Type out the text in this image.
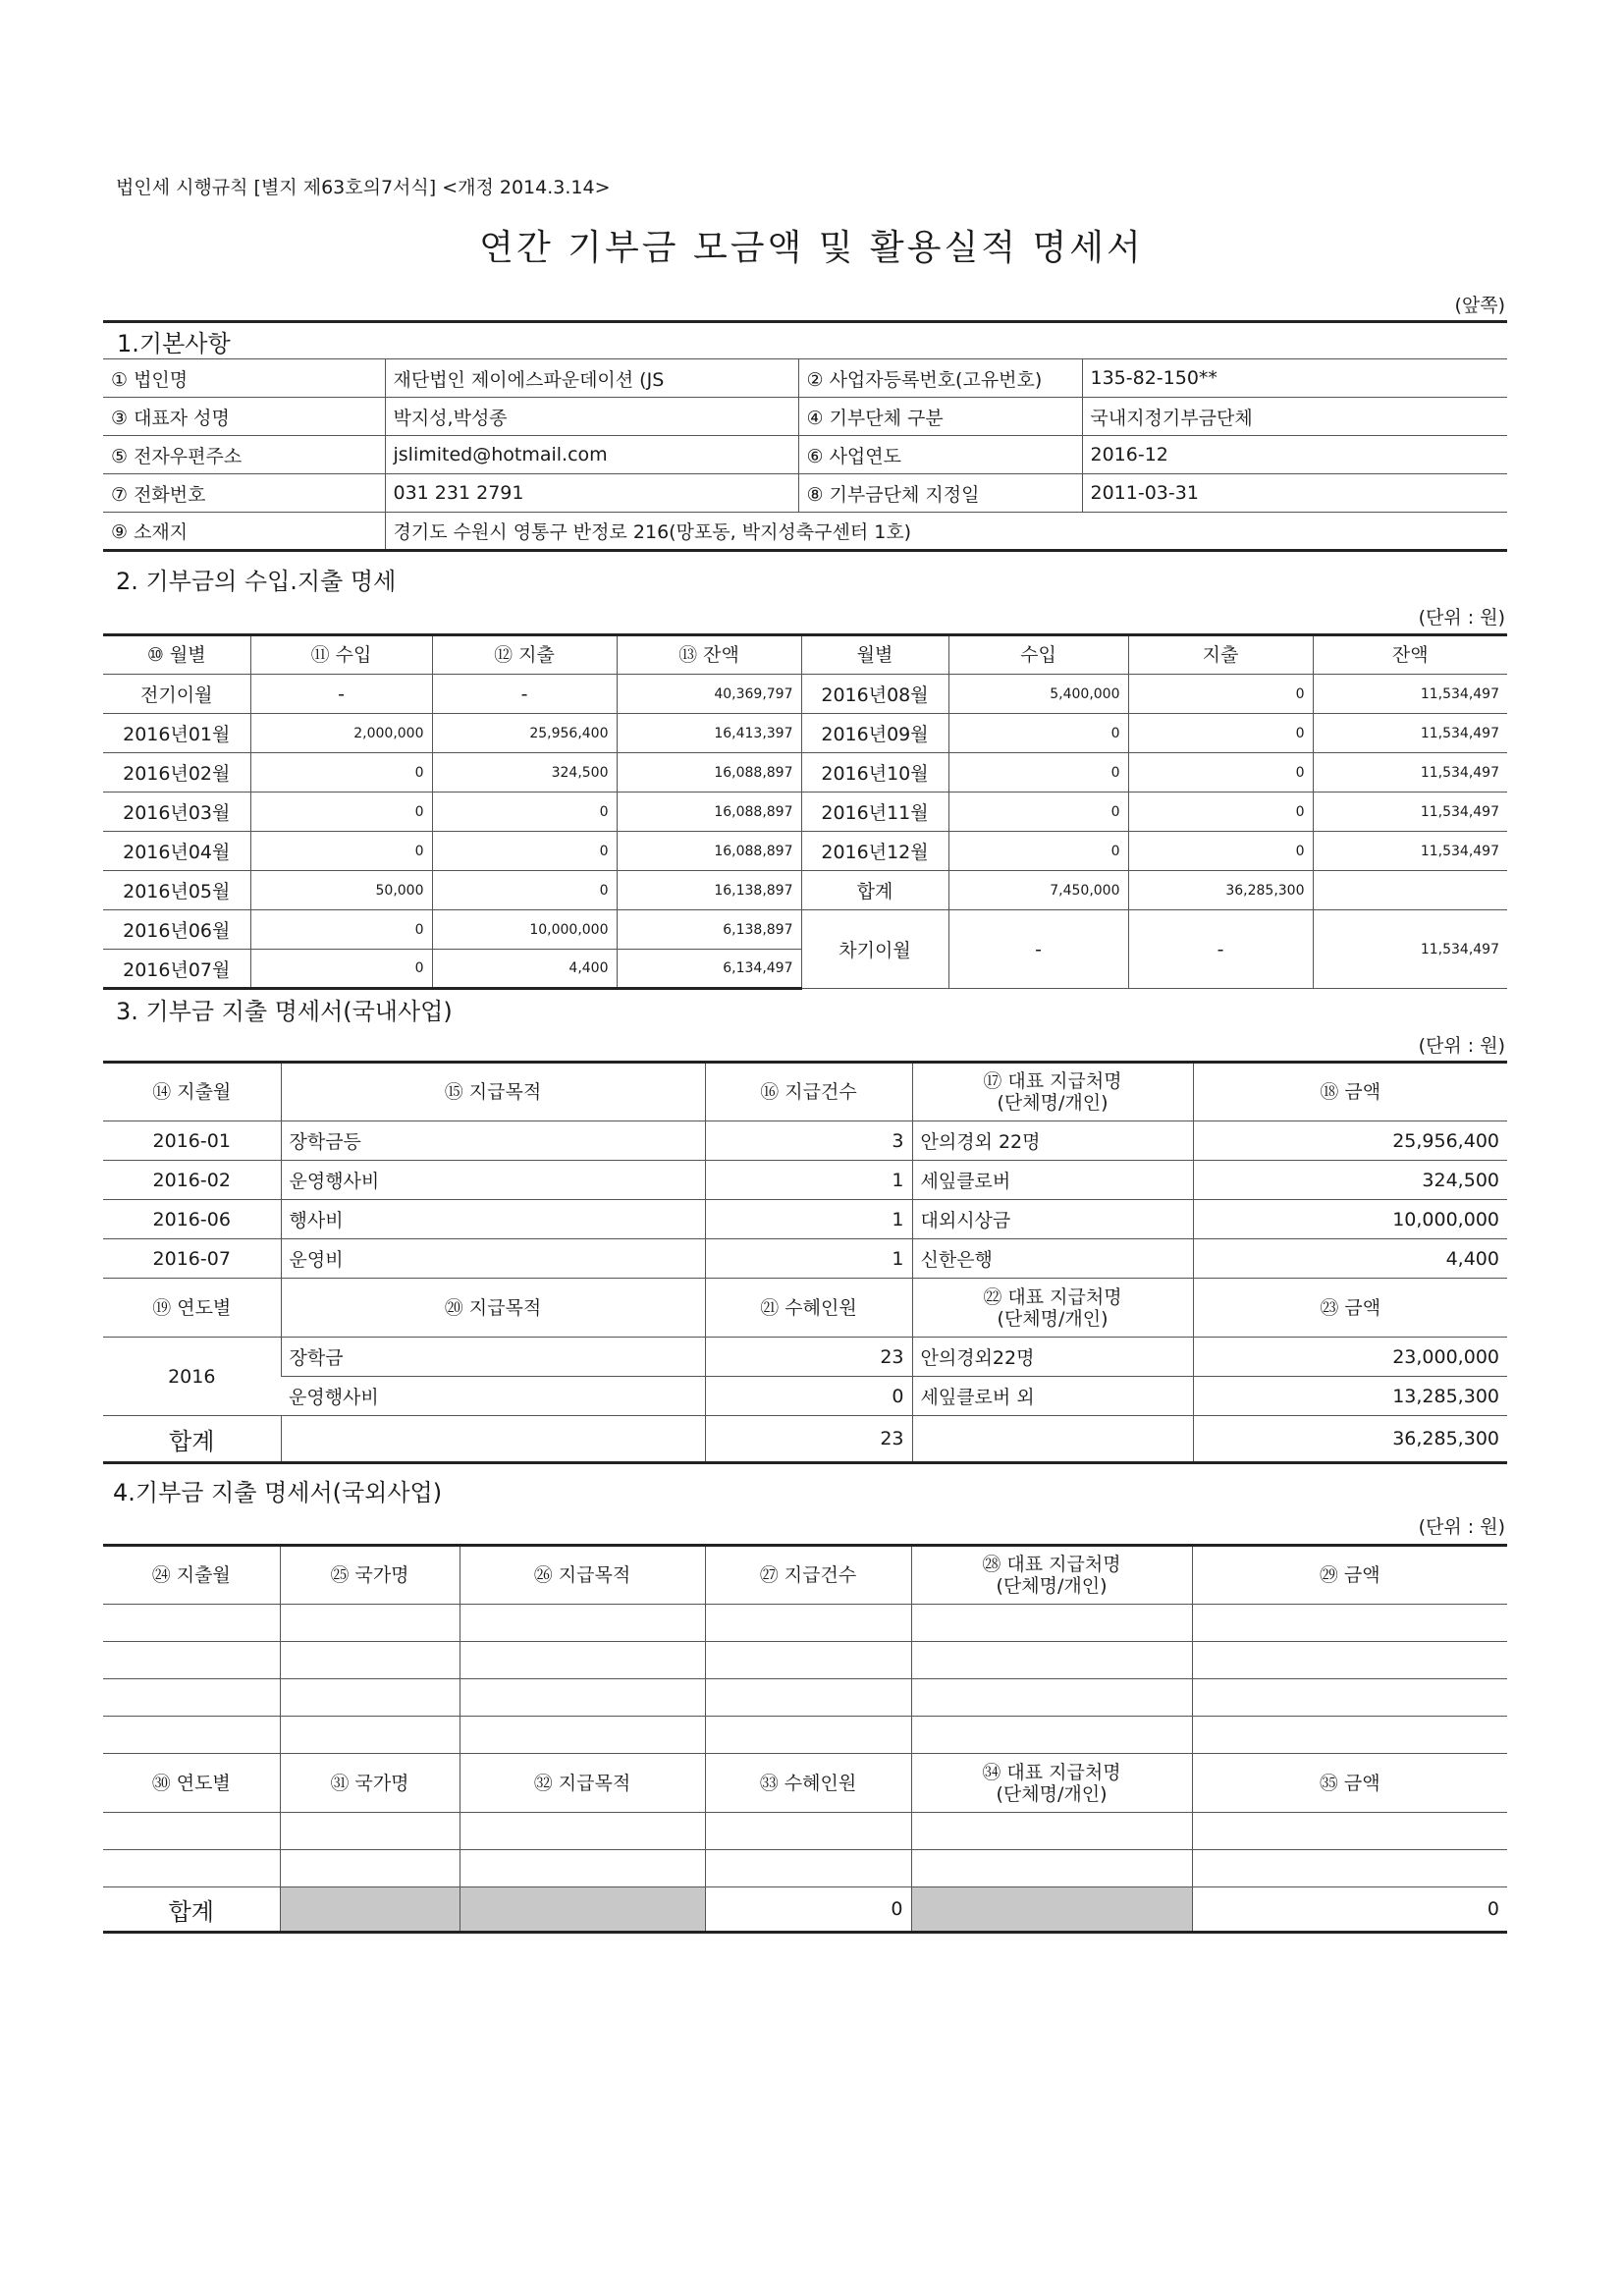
법인세 시행규칙 [별지 제63호의7서식] <개정 2014.3.14>
연간 기부금 모금액 및 활용실적 명세서
(앞쪽)
1.기본사항			
① 법인명	재단법인 제이에스파운데이션 (JS	② 사업자등록번호(고유번호)	135-82-150**
③ 대표자 성명	박지성,박성종	④ 기부단체 구분	국내지정기부금단체
⑤ 전자우편주소	jslimited@hotmail.com	⑥ 사업연도	2016-12
⑦ 전화번호	031 231 2791	⑧ 기부금단체 지정일	2011-03-31
⑨ 소재지	경기도 수원시 영통구 반정로 216(망포동, 박지성축구센터 1호)		
2. 기부금의 수입.지출 명세
(단위 : 원)
⑩ 월별	⑪ 수입	⑫ 지출	⑬ 잔액	월별	수입	지출	잔액
전기이월	-	-	40,369,797	2016년08월	5,400,000	0	11,534,497
2016년01월	2,000,000	25,956,400	16,413,397	2016년09월	0	0	11,534,497
2016년02월	0	324,500	16,088,897	2016년10월	0	0	11,534,497
2016년03월	0	0	16,088,897	2016년11월	0	0	11,534,497
2016년04월	0	0	16,088,897	2016년12월	0	0	11,534,497
2016년05월	50,000	0	16,138,897	합계	7,450,000	36,285,300	
2016년06월	0	10,000,000	6,138,897	차기이월	-	-	11,534,497
2016년07월	0	4,400	6,134,497				
3. 기부금 지출 명세서(국내사업)
(단위 : 원)
⑭ 지출월	⑮ 지급목적	⑯ 지급건수	⑰ 대표 지급처명
(단체명/개인)	⑱ 금액
2016-01	장학금등	3	안의경외 22명	25,956,400
2016-02	운영행사비	1	세잎클로버	324,500
2016-06	행사비	1	대외시상금	10,000,000
2016-07	운영비	1	신한은행	4,400
⑲ 연도별	⑳ 지급목적	㉑ 수혜인원	㉒ 대표 지급처명
(단체명/개인)	㉓ 금액
2016	장학금	23	안의경외22명	23,000,000
	운영행사비	0	세잎클로버 외	13,285,300
합계		23		36,285,300
4.기부금 지출 명세서(국외사업)
(단위 : 원)
㉔ 지출월	㉕ 국가명	㉖ 지급목적	㉗ 지급건수	㉘ 대표 지급처명
(단체명/개인)	㉙ 금액

㉚ 연도별	㉛ 국가명	㉜ 지급목적	㉝ 수혜인원	㉞ 대표 지급처명
(단체명/개인)	㉟ 금액

합계			0		0
